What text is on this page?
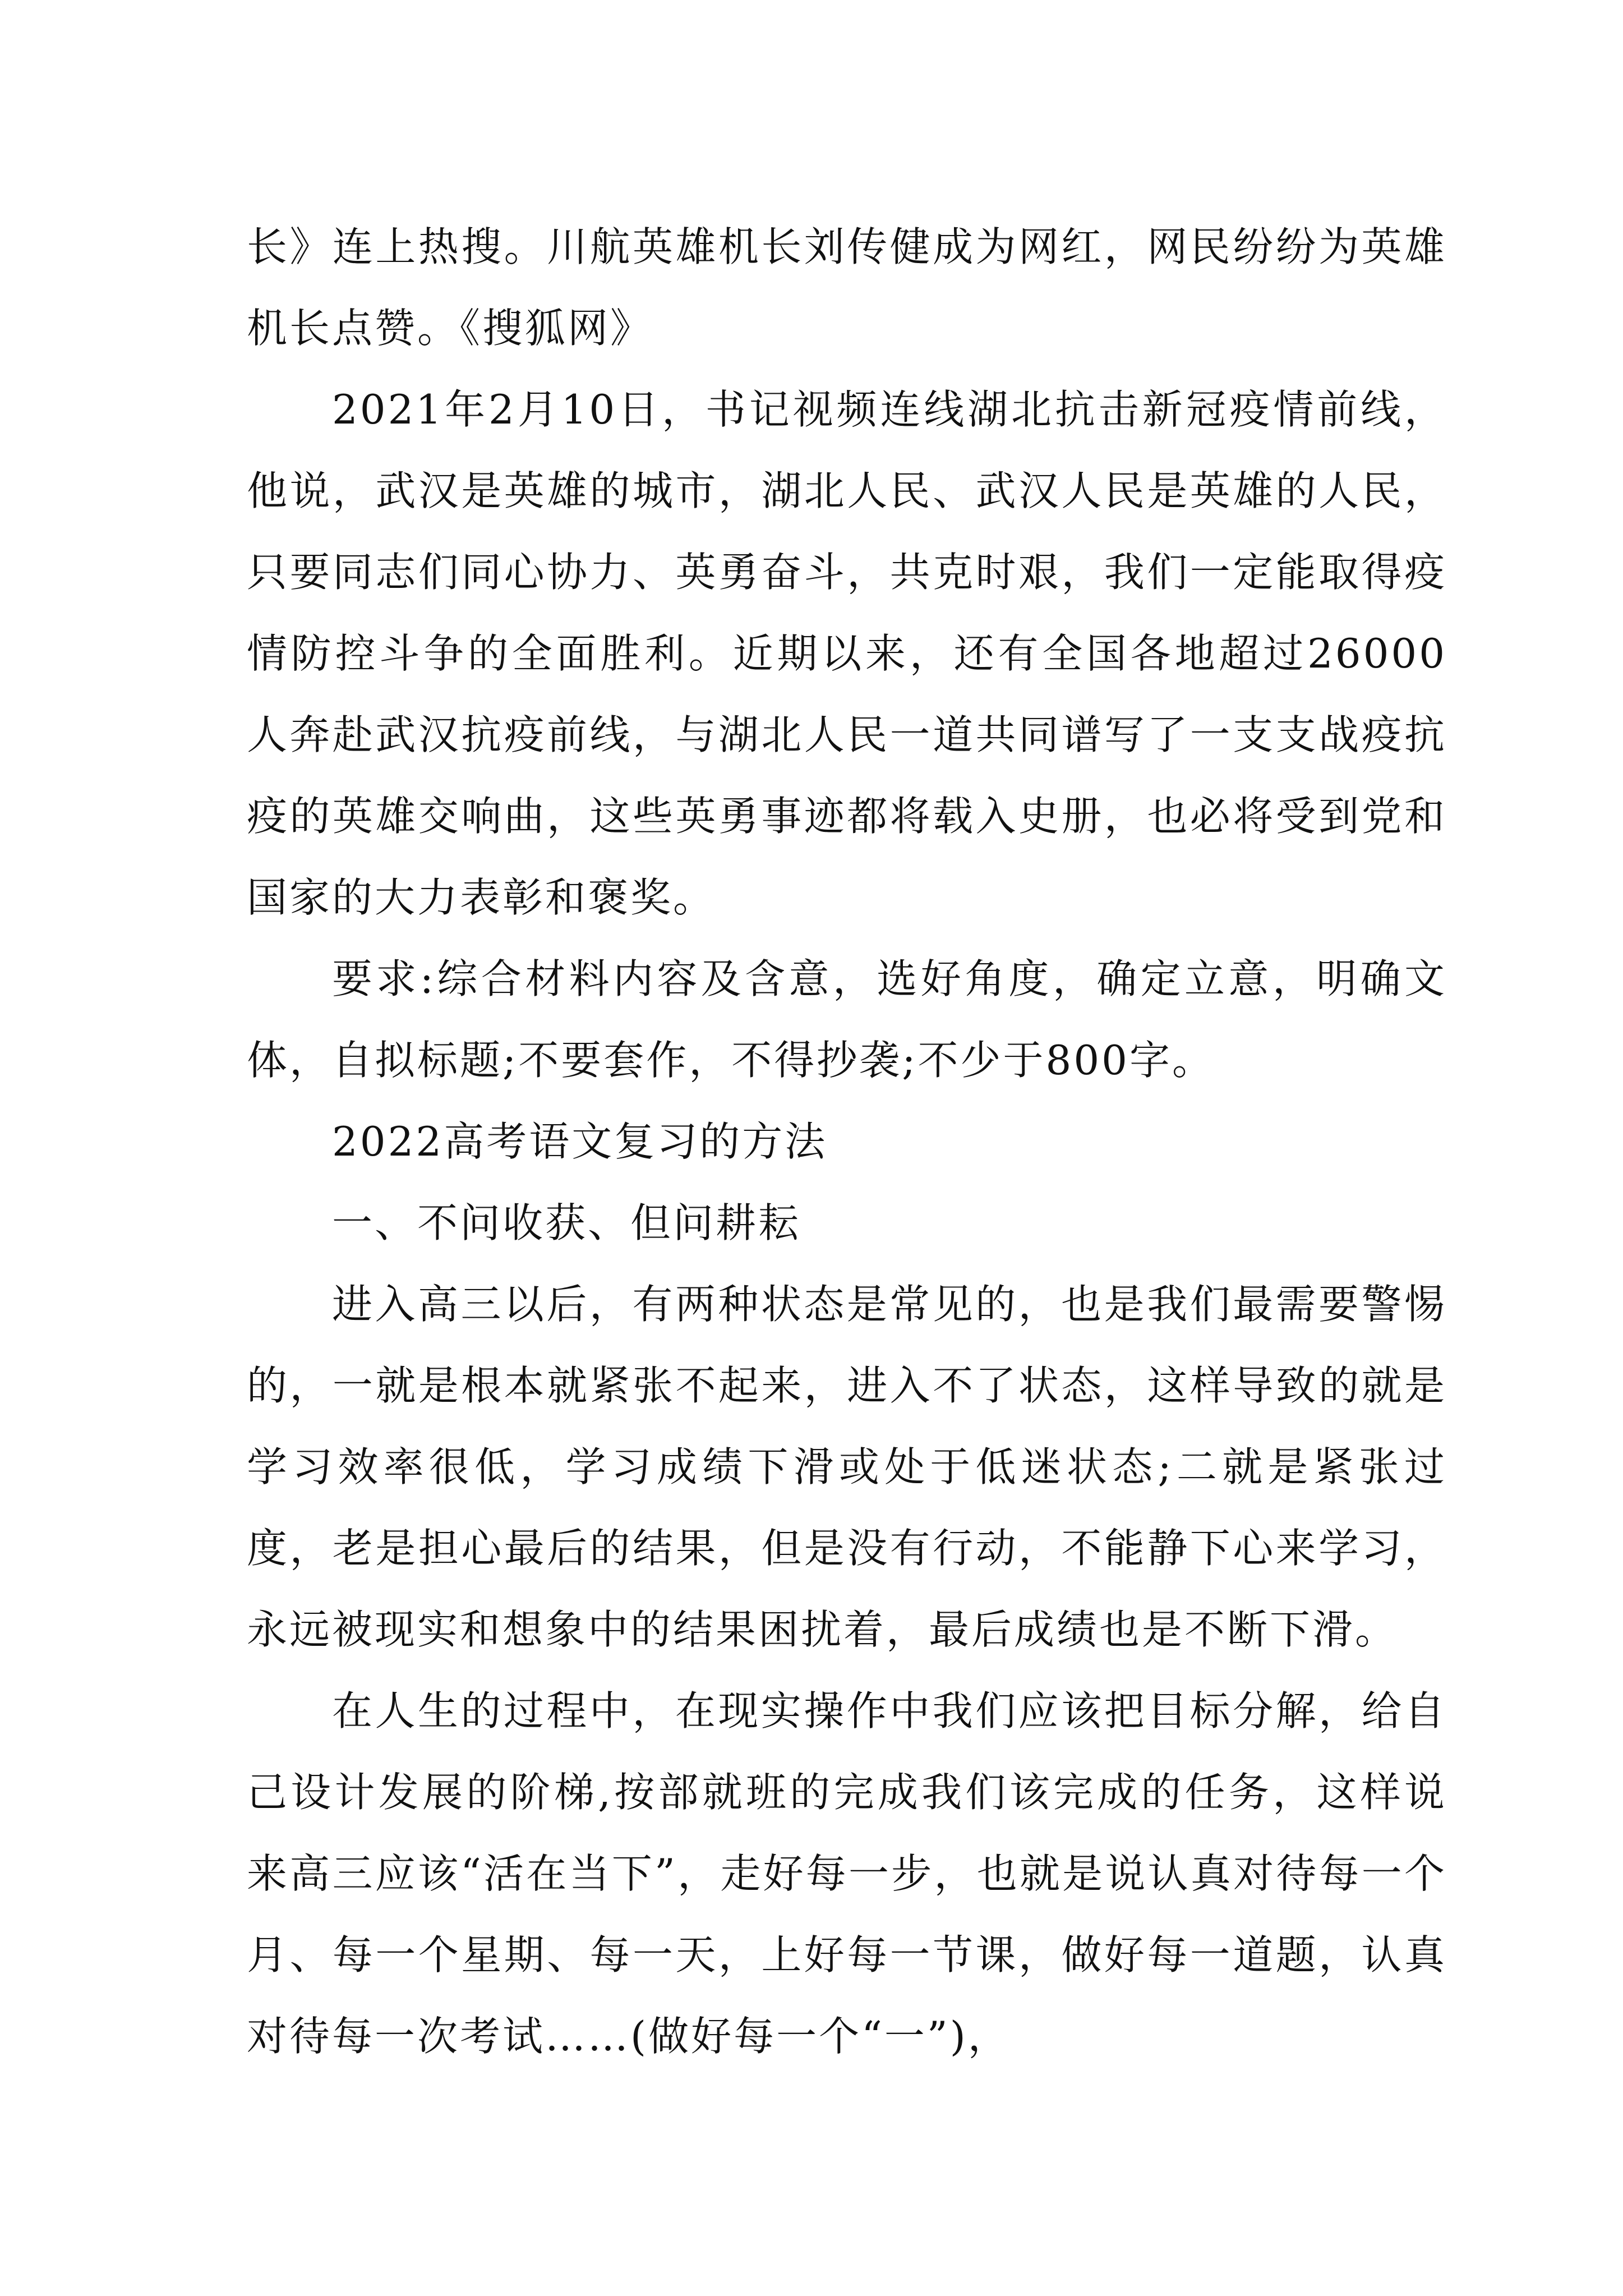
长》连上热搜。川航英雄机长刘传健成为网红，网民纷纷为英雄机长点赞。《搜狐网》

2021年2月10日，书记视频连线湖北抗击新冠疫情前线，他说，武汉是英雄的城市，湖北人民、武汉人民是英雄的人民，只要同志们同心协力、英勇奋斗，共克时艰，我们一定能取得疫情防控斗争的全面胜利。近期以来，还有全国各地超过26000人奔赴武汉抗疫前线，与湖北人民一道共同谱写了一支支战疫抗疫的英雄交响曲，这些英勇事迹都将载入史册，也必将受到党和国家的大力表彰和褒奖。

要求:综合材料内容及含意，选好角度，确定立意，明确文体，自拟标题;不要套作，不得抄袭;不少于800字。

2022高考语文复习的方法

一、不问收获、但问耕耘

进入高三以后，有两种状态是常见的，也是我们最需要警惕的，一就是根本就紧张不起来，进入不了状态，这样导致的就是学习效率很低，学习成绩下滑或处于低迷状态;二就是紧张过度，老是担心最后的结果，但是没有行动，不能静下心来学习，永远被现实和想象中的结果困扰着，最后成绩也是不断下滑。

在人生的过程中，在现实操作中我们应该把目标分解，给自己设计发展的阶梯,按部就班的完成我们该完成的任务，这样说来高三应该“活在当下”，走好每一步，也就是说认真对待每一个月、每一个星期、每一天，上好每一节课，做好每一道题，认真对待每一次考试……(做好每一个“一”)，
